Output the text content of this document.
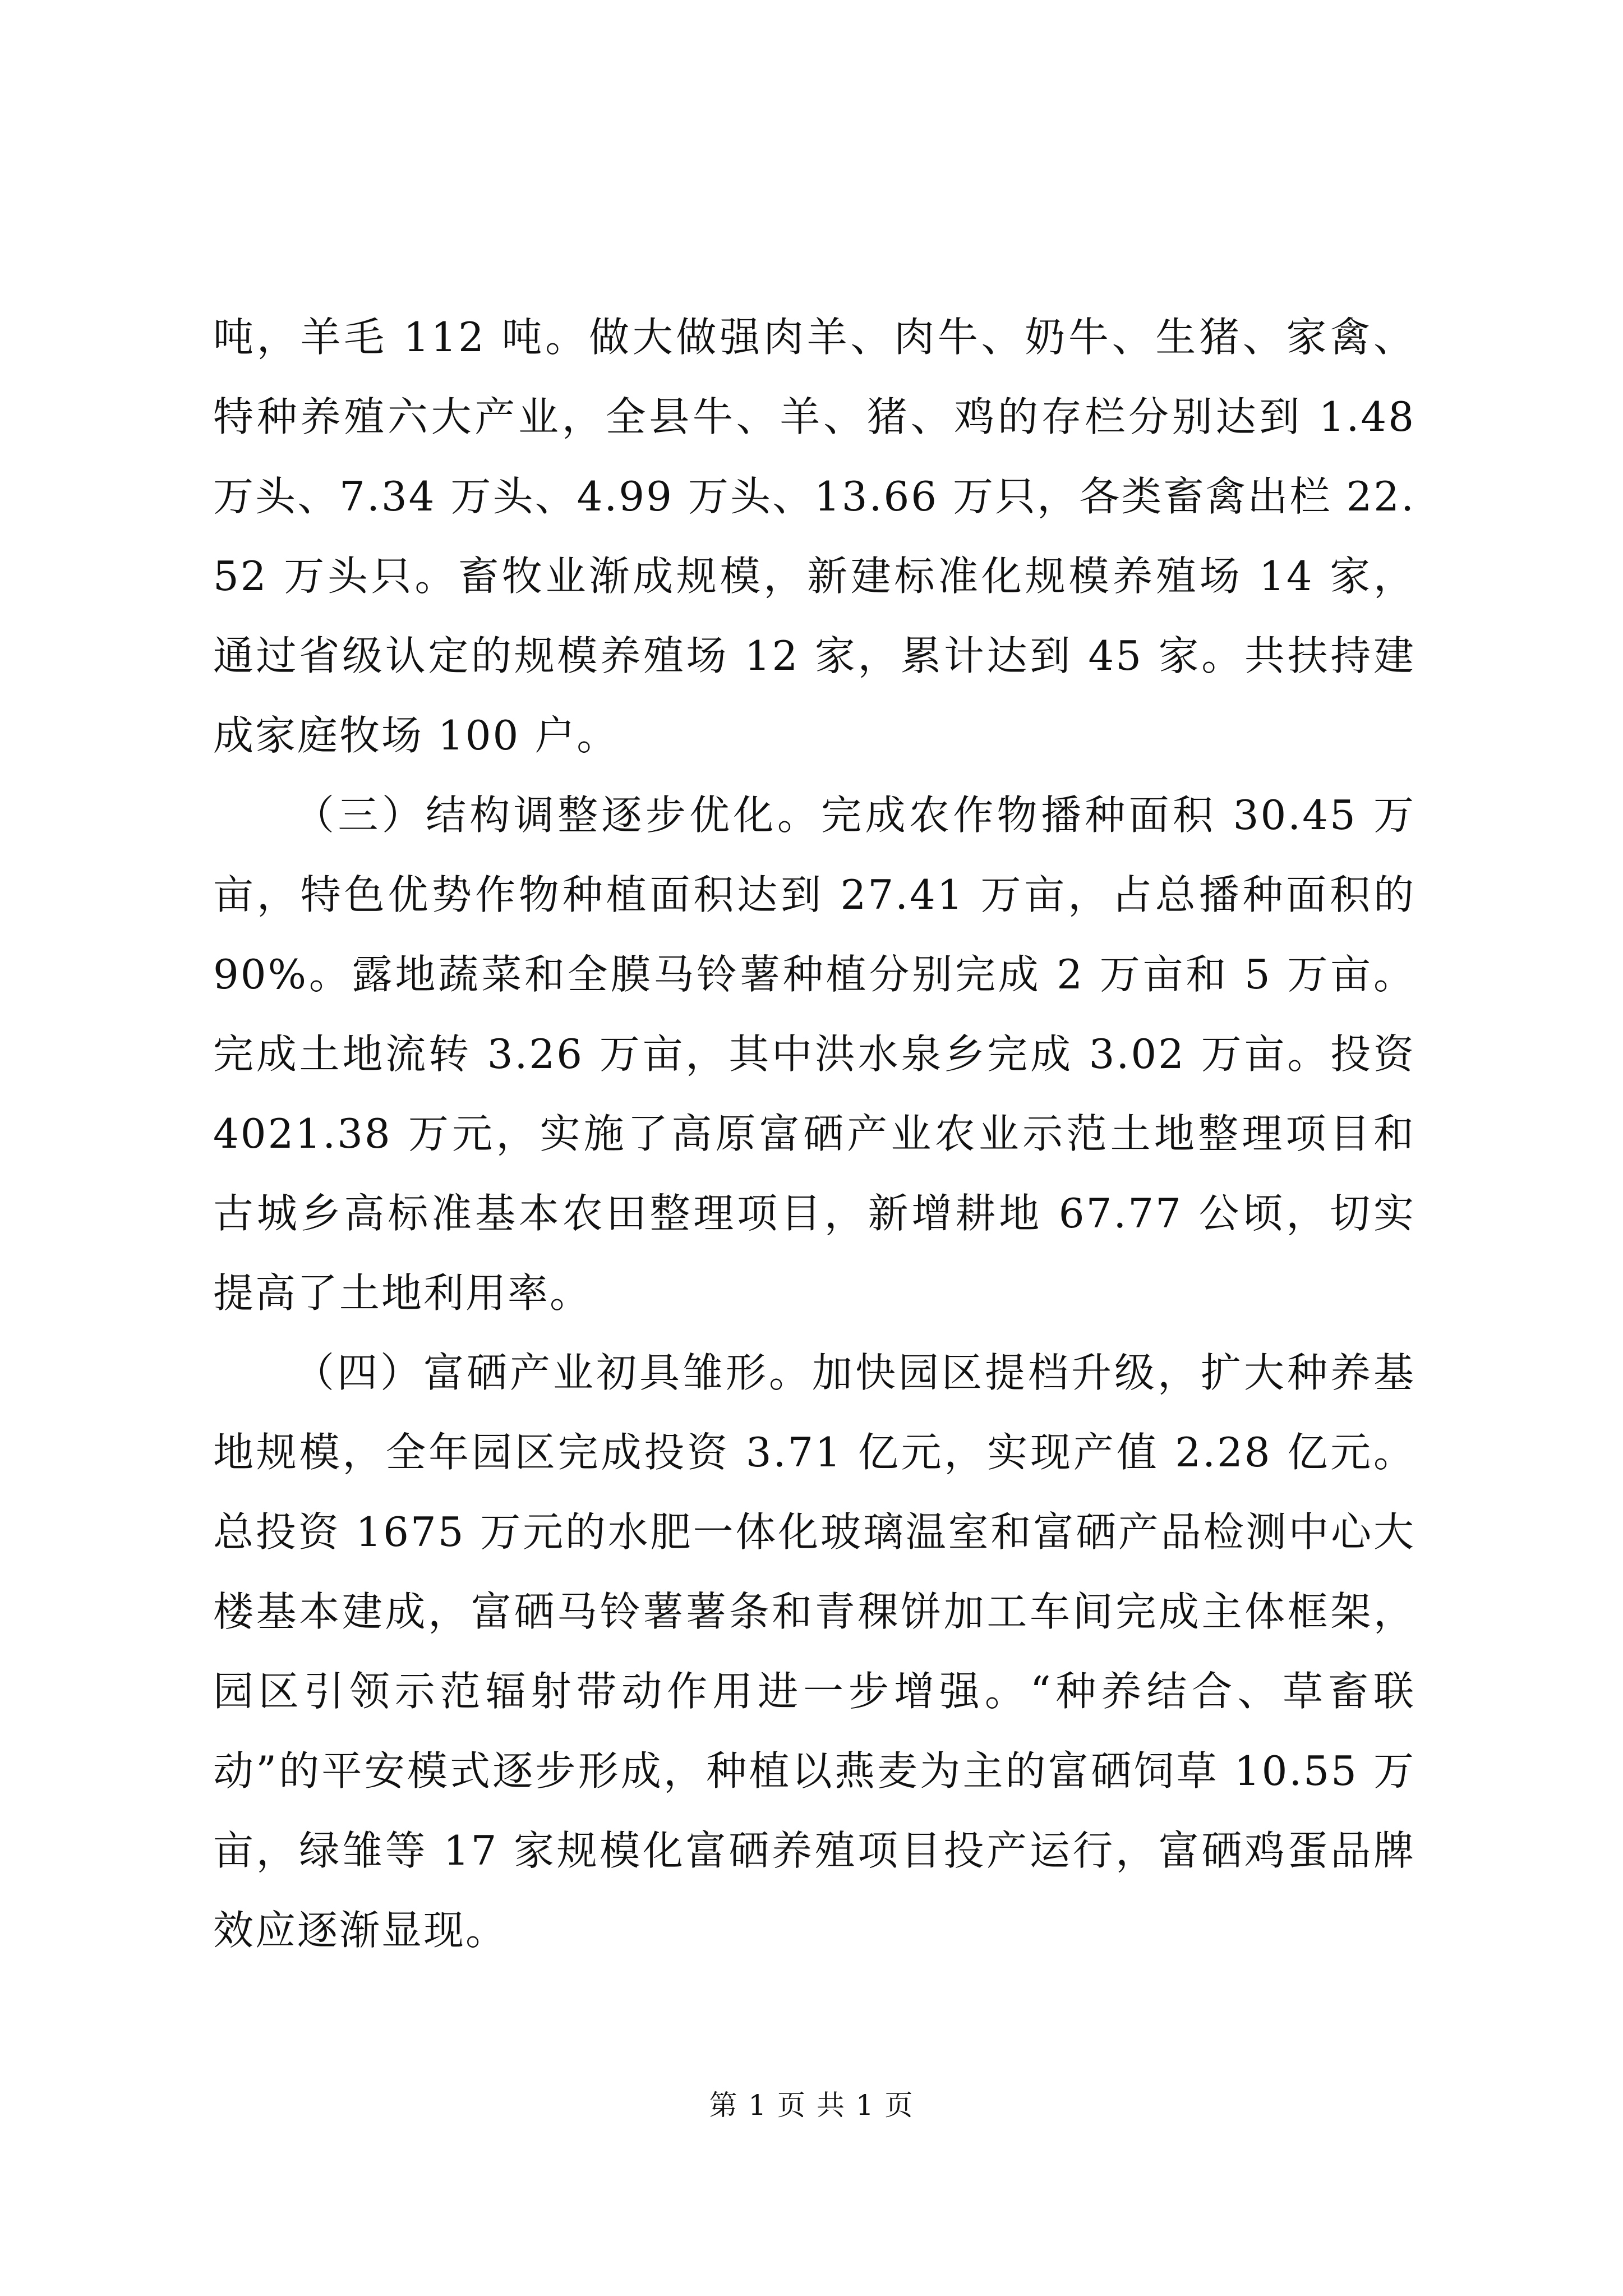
吨，羊毛 112 吨。做大做强肉羊、肉牛、奶牛、生猪、家禽、特种养殖六大产业，全县牛、羊、猪、鸡的存栏分别达到 1.48 万头、7.34 万头、4.99 万头、13.66 万只，各类畜禽出栏 22.52 万头只。畜牧业渐成规模，新建标准化规模养殖场 14 家，通过省级认定的规模养殖场 12 家，累计达到 45 家。共扶持建成家庭牧场 100 户。

（三）结构调整逐步优化。完成农作物播种面积 30.45 万亩，特色优势作物种植面积达到 27.41 万亩，占总播种面积的 90%。露地蔬菜和全膜马铃薯种植分别完成 2 万亩和 5 万亩。完成土地流转 3.26 万亩，其中洪水泉乡完成 3.02 万亩。投资 4021.38 万元，实施了高原富硒产业农业示范土地整理项目和古城乡高标准基本农田整理项目，新增耕地 67.77 公顷，切实提高了土地利用率。

（四）富硒产业初具雏形。加快园区提档升级，扩大种养基地规模，全年园区完成投资 3.71 亿元，实现产值 2.28 亿元。总投资 1675 万元的水肥一体化玻璃温室和富硒产品检测中心大楼基本建成，富硒马铃薯薯条和青稞饼加工车间完成主体框架，园区引领示范辐射带动作用进一步增强。“种养结合、草畜联动”的平安模式逐步形成，种植以燕麦为主的富硒饲草 10.55 万亩，绿雏等 17 家规模化富硒养殖项目投产运行，富硒鸡蛋品牌效应逐渐显现。

第 1 页 共 1 页
